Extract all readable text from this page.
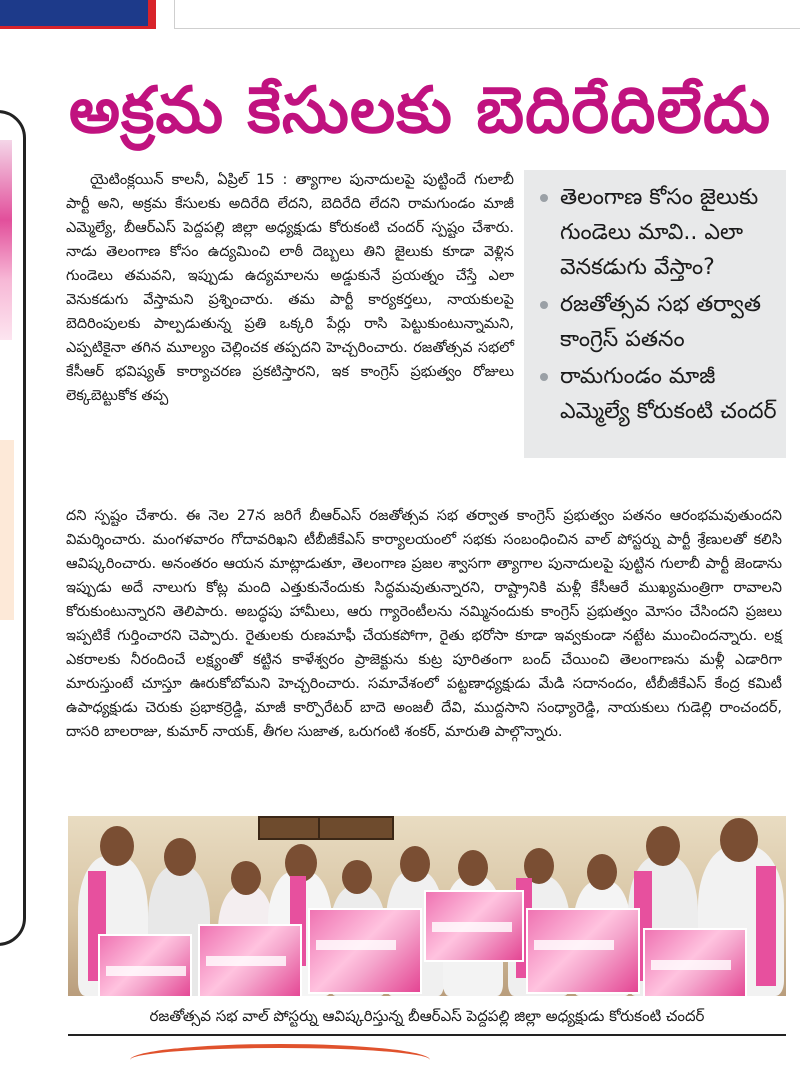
అక్రమ కేసులకు బెదిరేదిలేదు

యైటింక్లయిన్ కాలనీ, ఏప్రిల్ 15 : త్యాగాల పునాదులపై పుట్టిందే గులాబీ పార్టీ అని, అక్రమ కేసులకు అదిరేది లేదని, బెదిరేది లేదని రామగుండం మాజీ ఎమ్మెల్యే, బీఆర్ఎస్ పెద్దపల్లి జిల్లా అధ్యక్షుడు కోరుకంటి చందర్ స్పష్టం చేశారు. నాడు తెలంగాణ కోసం ఉద్యమించి లాఠీ దెబ్బలు తిని జైలుకు కూడా వెళ్లిన గుండెలు తమవని, ఇప్పుడు ఉద్యమాలను అడ్డుకునే ప్రయత్నం చేస్తే ఎలా వెనుకడుగు వేస్తామని ప్రశ్నించారు. తమ పార్టీ కార్యకర్తలు, నాయకులపై బెదిరింపులకు పాల్పడుతున్న ప్రతి ఒక్కరి పేర్లు రాసి పెట్టుకుంటున్నామని, ఎప్పటికైనా తగిన మూల్యం చెల్లించక తప్పదని హెచ్చరించారు. రజతోత్సవ సభలో కేసీఆర్ భవిష్యత్ కార్యాచరణ ప్రకటిస్తారని, ఇక కాంగ్రెస్ ప్రభుత్వం రోజులు లెక్కబెట్టుకోక తప్ప

తెలంగాణ కోసం జైలుకు గుండెలు మావి.. ఎలా వెనకడుగు వేస్తాం?
రజతోత్సవ సభ తర్వాత కాంగ్రెస్ పతనం
రామగుండం మాజీ ఎమ్మెల్యే కోరుకంటి చందర్

దని స్పష్టం చేశారు. ఈ నెల 27న జరిగే బీఆర్ఎస్ రజతోత్సవ సభ తర్వాత కాంగ్రెస్ ప్రభుత్వం పతనం ఆరంభమవుతుందని విమర్శించారు. మంగళవారం గోదావరిఖని టీబీజీకేఎస్ కార్యాలయంలో సభకు సంబంధించిన వాల్ పోస్టర్ను పార్టీ శ్రేణులతో కలిసి ఆవిష్కరించారు. అనంతరం ఆయన మాట్లాడుతూ, తెలంగాణ ప్రజల శ్వాసగా త్యాగాల పునాదులపై పుట్టిన గులాబీ పార్టీ జెండాను ఇప్పుడు అదే నాలుగు కోట్ల మంది ఎత్తుకునేందుకు సిద్ధమవుతున్నారని, రాష్ట్రానికి మళ్లీ కేసీఆరే ముఖ్యమంత్రిగా రావాలని కోరుకుంటున్నారని తెలిపారు. అబద్ధపు హామీలు, ఆరు గ్యారెంటీలను నమ్మినందుకు కాంగ్రెస్ ప్రభుత్వం మోసం చేసిందని ప్రజలు ఇప్పటికే గుర్తించారని చెప్పారు. రైతులకు రుణమాఫీ చేయకపోగా, రైతు భరోసా కూడా ఇవ్వకుండా నట్టేట ముంచిందన్నారు. లక్ష ఎకరాలకు నీరందించే లక్ష్యంతో కట్టిన కాళేశ్వరం ప్రాజెక్టును కుట్ర పూరితంగా బంద్ చేయించి తెలంగాణను మళ్లీ ఎడారిగా మారుస్తుంటే చూస్తూ ఊరుకోబోమని హెచ్చరించారు. సమావేశంలో పట్టణాధ్యక్షుడు మేడి సదానందం, టీబీజీకేఎస్ కేంద్ర కమిటీ ఉపాధ్యక్షుడు చెరుకు ప్రభాకర్రెడ్డి, మాజీ కార్పొరేటర్ బాదె అంజలీ దేవి, ముద్దసాని సంధ్యారెడ్డి, నాయకులు గుడెల్లి రాంచందర్, దాసరి బాలరాజు, కుమార్ నాయక్, తీగల సుజాత, ఒరుగంటి శంకర్, మారుతి పాల్గొన్నారు.

రజతోత్సవ సభ వాల్ పోస్టర్ను ఆవిష్కరిస్తున్న బీఆర్ఎస్ పెద్దపల్లి జిల్లా అధ్యక్షుడు కోరుకంటి చందర్
